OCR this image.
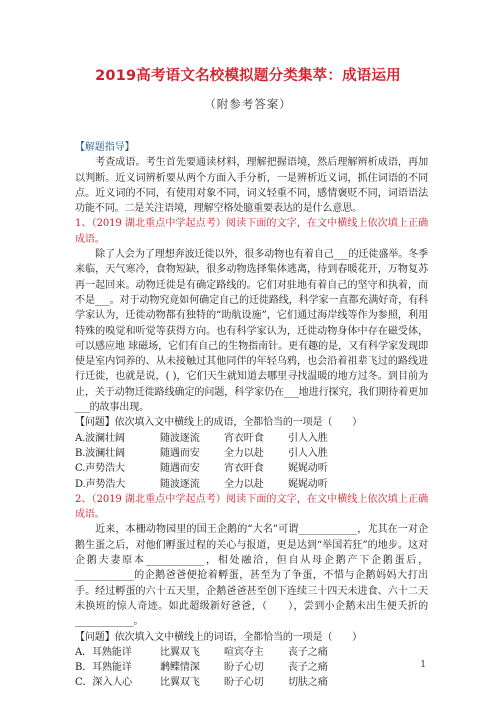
2019高考语文名校模拟题分类集萃：成语运用
（附参考答案）

【解题指导】

考查成语。考生首先要通读材料，理解把握语境，然后理解辨析成语，再加以判断。近义词辨析要从两个方面入手分析，一是辨析近义词，抓住词语的不同点。近义词的不同，有使用对象不同，词义轻重不同，感情褒贬不同，词语语法功能不同。二是关注语境，理解空格处臆重要表达的是什么意思。

1、（2019 湖北重点中学起点考）阅读下面的文字，在文中横线上依次填上正确成语。

除了人会为了理想奔波迁徙以外，很多动物也有着自己___的迁徙盛举。冬季来临，天气寒冷，食物短缺，很多动物选择集体逃离，待到春暖花开，万物复苏再一起回来。动物迁徙是有确定路线的。它们对驻地有着自己的坚守和执着，而不是___。对于动物究竟如何确定自己的迁徙路线，科学家一直都充满好奇，有科学家认为，迁徙动物都有独特的“助航设施”，它们通过海岸线等作为参照，利用特殊的嗅觉和听觉等获得方向。也有科学家认为，迁徙动物身体中存在磁受体，可以感应地 球磁场，它们有自己的生物指南针。更有趣的是，又有科学家发现即使是室内饲养的、从未接触过其他同伴的年轻乌鸦，也会沿着祖辈飞过的路线进行迁徙，也就是说，( )，它们天生就知道去哪里寻找温暖的地方过冬。到目前为止，关于动物迁徙路线确定的问题，科学家仍在___地进行探究，我们期待着更加___的故事出现。

【问题】依次填入文中横线上的成语，全都恰当的一项是（　　）

A.波澜壮阔	随波逐流 宵衣旰食 引人入胜

B.波澜壮阔	随遇而安 全力以赴 引人入胜

C.声势浩大	随遇而安 宵衣旰食 娓娓动听

D.声势浩大	随波逐流 全力以赴 娓娓动听

2、（2019 湖北重点中学起点考）阅读下面的文字，在文中横线上依次填上正确成语。

近来，本栅动物园里的国王企鹅的“大名”可谓____________，尤其在一对企鹅生蛋之后，对他们孵蛋过程的关心与报道，更是达到“举国若狂”的地步。这对企鹅夫妻原本____________，相处融洽，但自从母企鹅产下企鹅蛋后，____________的企鹅爸爸便抢着孵蛋，甚至为了争蛋，不惜与企鹅妈妈大打出手。经过孵蛋的六十五天里，企鹅爸爸甚至创下连续三十四天未进食、六十二天未换班的惊人奇迹。如此超级新好爸爸，（　　），尝到小企鹅未出生便夭折的____________。

【问题】依次填入文中横线上的词语，全都恰当的一项是（　　）

A．耳熟能详	比翼双飞 喧宾夺主 丧子之痛

B．耳熟能详	鹣鲽情深 盼子心切 丧子之痛

C．深入人心	比翼双飞 盼子心切 切肤之痛

1
